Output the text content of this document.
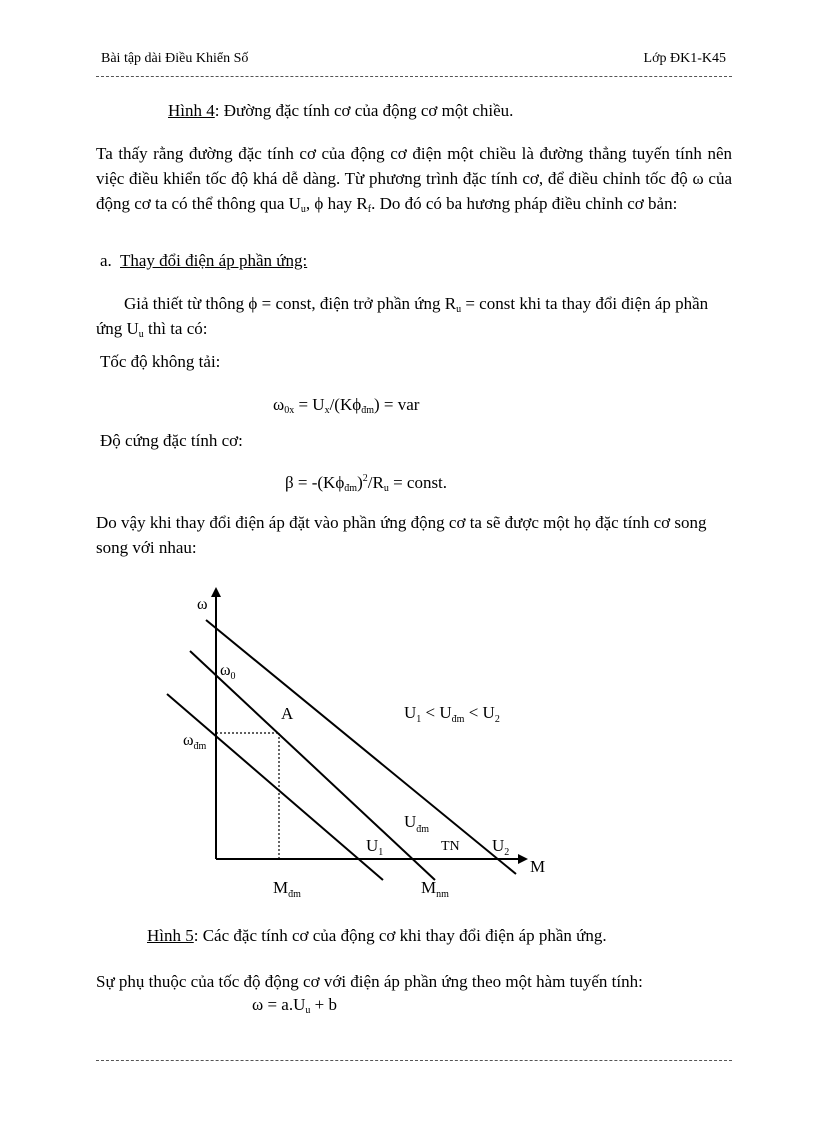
Bài tập dài Điều Khiển Số	Lớp ĐK1-K45
Hình 4: Đường đặc tính cơ của động cơ một chiều.
Ta thấy rằng đường đặc tính cơ của động cơ điện một chiều là đường thẳng tuyến tính nên việc điều khiển tốc độ khá dễ dàng. Từ phương trình đặc tính cơ, để điều chỉnh tốc độ ω của động cơ ta có thể thông qua $U_u$, ϕ hay $R_f$. Do đó có ba hương pháp điều chỉnh cơ bản:
a. Thay đổi điện áp phần ứng:
Giả thiết từ thông ϕ = const, điện trở phần ứng $R_u$ = const khi ta thay đổi điện áp phần ứng $U_u$ thì ta có:
Tốc độ không tải:
$\omega_{0x} = U_x/(K\phi_{đm})$ = var
Độ cứng đặc tính cơ:
$\beta = -(K\phi_{đm})^2/R_u$ = const.
Do vậy khi thay đổi điện áp đặt vào phần ứng động cơ ta sẽ được một họ đặc tính cơ song song với nhau:
ω
M
$\omega_0$
A
$\omega_{đm}$
$U_1 < U_{đm} < U_2$
$U_{đm}$
$U_1$	TN $U_2$
$M_{đm}$	$M_{nm}$
Hình 5: Các đặc tính cơ của động cơ khi thay đổi điện áp phần ứng.
Sự phụ thuộc của tốc độ động cơ với điện áp phần ứng theo một hàm tuyến tính:
$\omega = a.U_u + b$
